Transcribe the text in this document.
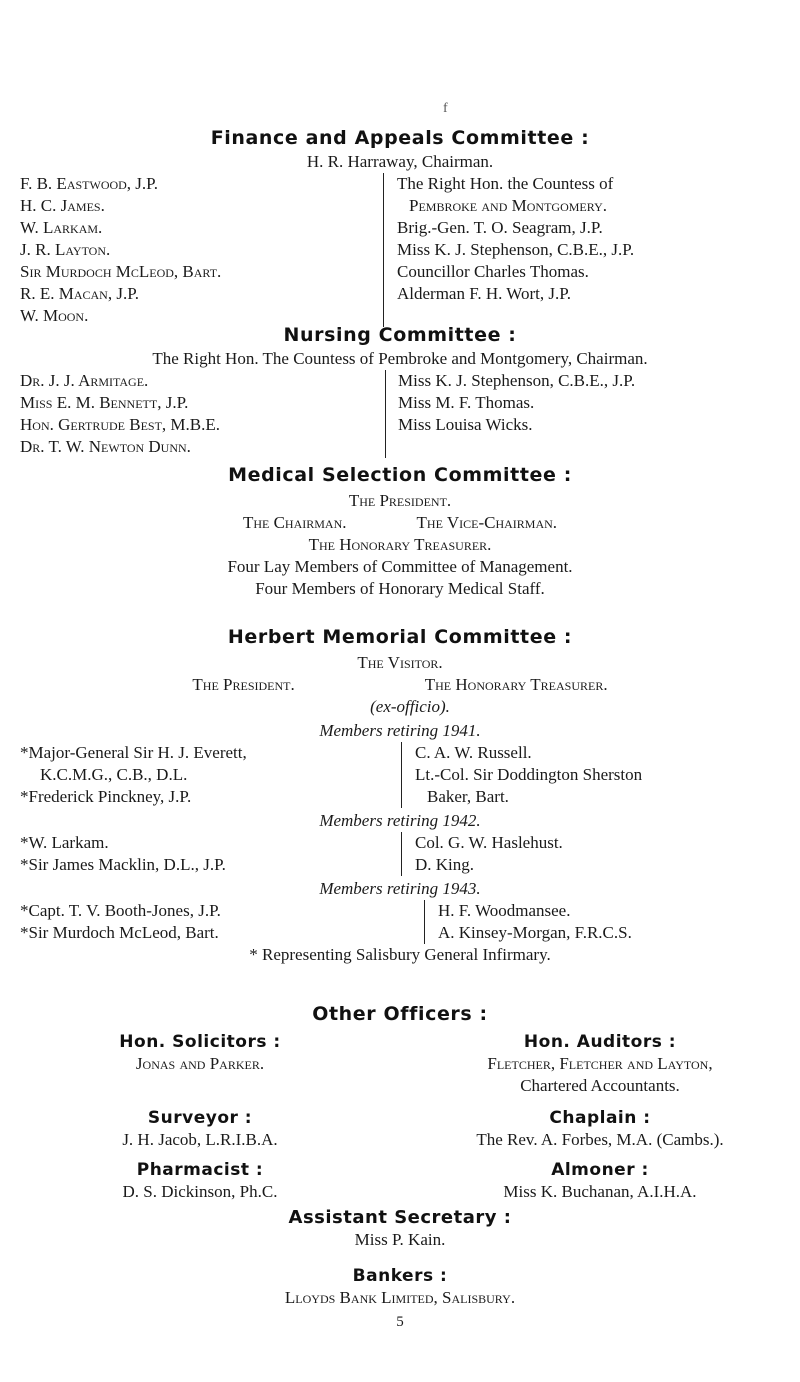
f
Finance and Appeals Committee :
H. R. Harraway, Chairman.
F. B. Eastwood, J.P.
H. C. James.
W. Larkam.
J. R. Layton.
Sir Murdoch McLeod, Bart.
R. E. Macan, J.P.
W. Moon.
The Right Hon. the Countess of
Pembroke and Montgomery.
Brig.-Gen. T. O. Seagram, J.P.
Miss K. J. Stephenson, C.B.E., J.P.
Councillor Charles Thomas.
Alderman F. H. Wort, J.P.
Nursing Committee :
The Right Hon. The Countess of Pembroke and Montgomery, Chairman.
Dr. J. J. Armitage.
Miss E. M. Bennett, J.P.
Hon. Gertrude Best, M.B.E.
Dr. T. W. Newton Dunn.
Miss K. J. Stephenson, C.B.E., J.P.
Miss M. F. Thomas.
Miss Louisa Wicks.
Medical Selection Committee :
The President.
The Chairman.	The Vice-Chairman.
The Honorary Treasurer.
Four Lay Members of Committee of Management.
Four Members of Honorary Medical Staff.
Herbert Memorial Committee :
The Visitor.
The President.	The Honorary Treasurer.
(ex-officio).
Members retiring 1941.
*Major-General Sir H. J. Everett,
K.C.M.G., C.B., D.L.
*Frederick Pinckney, J.P.
C. A. W. Russell.
Lt.-Col. Sir Doddington Sherston
Baker, Bart.
Members retiring 1942.
*W. Larkam.
*Sir James Macklin, D.L., J.P.
Col. G. W. Haslehust.
D. King.
Members retiring 1943.
*Capt. T. V. Booth-Jones, J.P.
*Sir Murdoch McLeod, Bart.
H. F. Woodmansee.
A. Kinsey-Morgan, F.R.C.S.
* Representing Salisbury General Infirmary.
Other Officers :
Hon. Solicitors :
Jonas and Parker.
Hon. Auditors :
Fletcher, Fletcher and Layton,
Chartered Accountants.
Surveyor :
J. H. Jacob, L.R.I.B.A.
Chaplain :
The Rev. A. Forbes, M.A. (Cambs.).
Pharmacist :
D. S. Dickinson, Ph.C.
Almoner :
Miss K. Buchanan, A.I.H.A.
Assistant Secretary :
Miss P. Kain.
Bankers :
Lloyds Bank Limited, Salisbury.
5
